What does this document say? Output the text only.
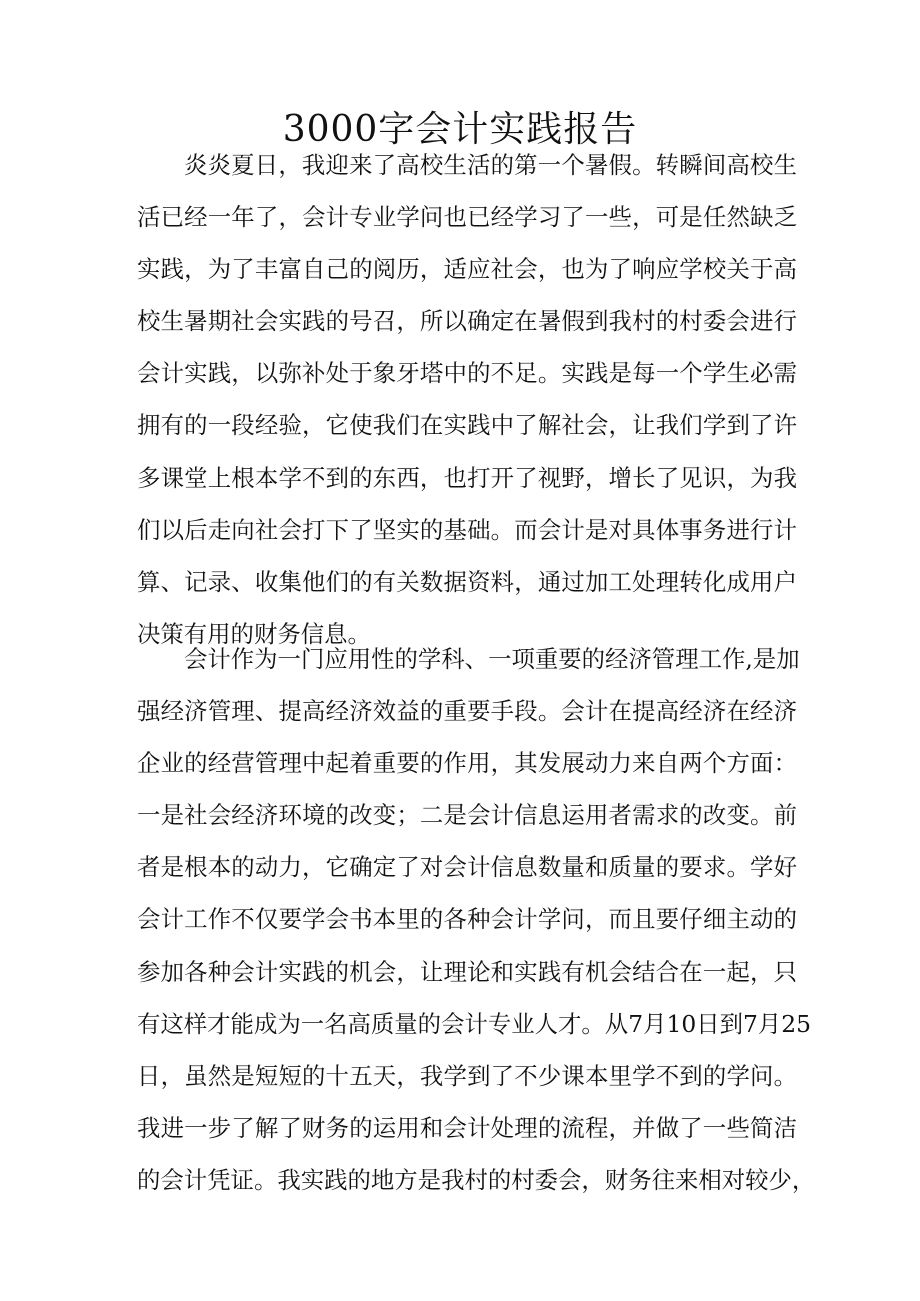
3000字会计实践报告
炎炎夏日，我迎来了高校生活的第一个暑假。转瞬间高校生
活已经一年了，会计专业学问也已经学习了一些，可是任然缺乏
实践，为了丰富自己的阅历，适应社会，也为了响应学校关于高
校生暑期社会实践的号召，所以确定在暑假到我村的村委会进行
会计实践，以弥补处于象牙塔中的不足。实践是每一个学生必需
拥有的一段经验，它使我们在实践中了解社会，让我们学到了许
多课堂上根本学不到的东西，也打开了视野，增长了见识，为我
们以后走向社会打下了坚实的基础。而会计是对具体事务进行计
算、记录、收集他们的有关数据资料，通过加工处理转化成用户
决策有用的财务信息。
会计作为一门应用性的学科、一项重要的经济管理工作,是加
强经济管理、提高经济效益的重要手段。会计在提高经济在经济
企业的经营管理中起着重要的作用，其发展动力来自两个方面：
一是社会经济环境的改变；二是会计信息运用者需求的改变。前
者是根本的动力，它确定了对会计信息数量和质量的要求。学好
会计工作不仅要学会书本里的各种会计学问，而且要仔细主动的
参加各种会计实践的机会，让理论和实践有机会结合在一起，只
有这样才能成为一名高质量的会计专业人才。从7月10日到7月25
日，虽然是短短的十五天，我学到了不少课本里学不到的学问。
我进一步了解了财务的运用和会计处理的流程，并做了一些简洁
的会计凭证。我实践的地方是我村的村委会，财务往来相对较少，
